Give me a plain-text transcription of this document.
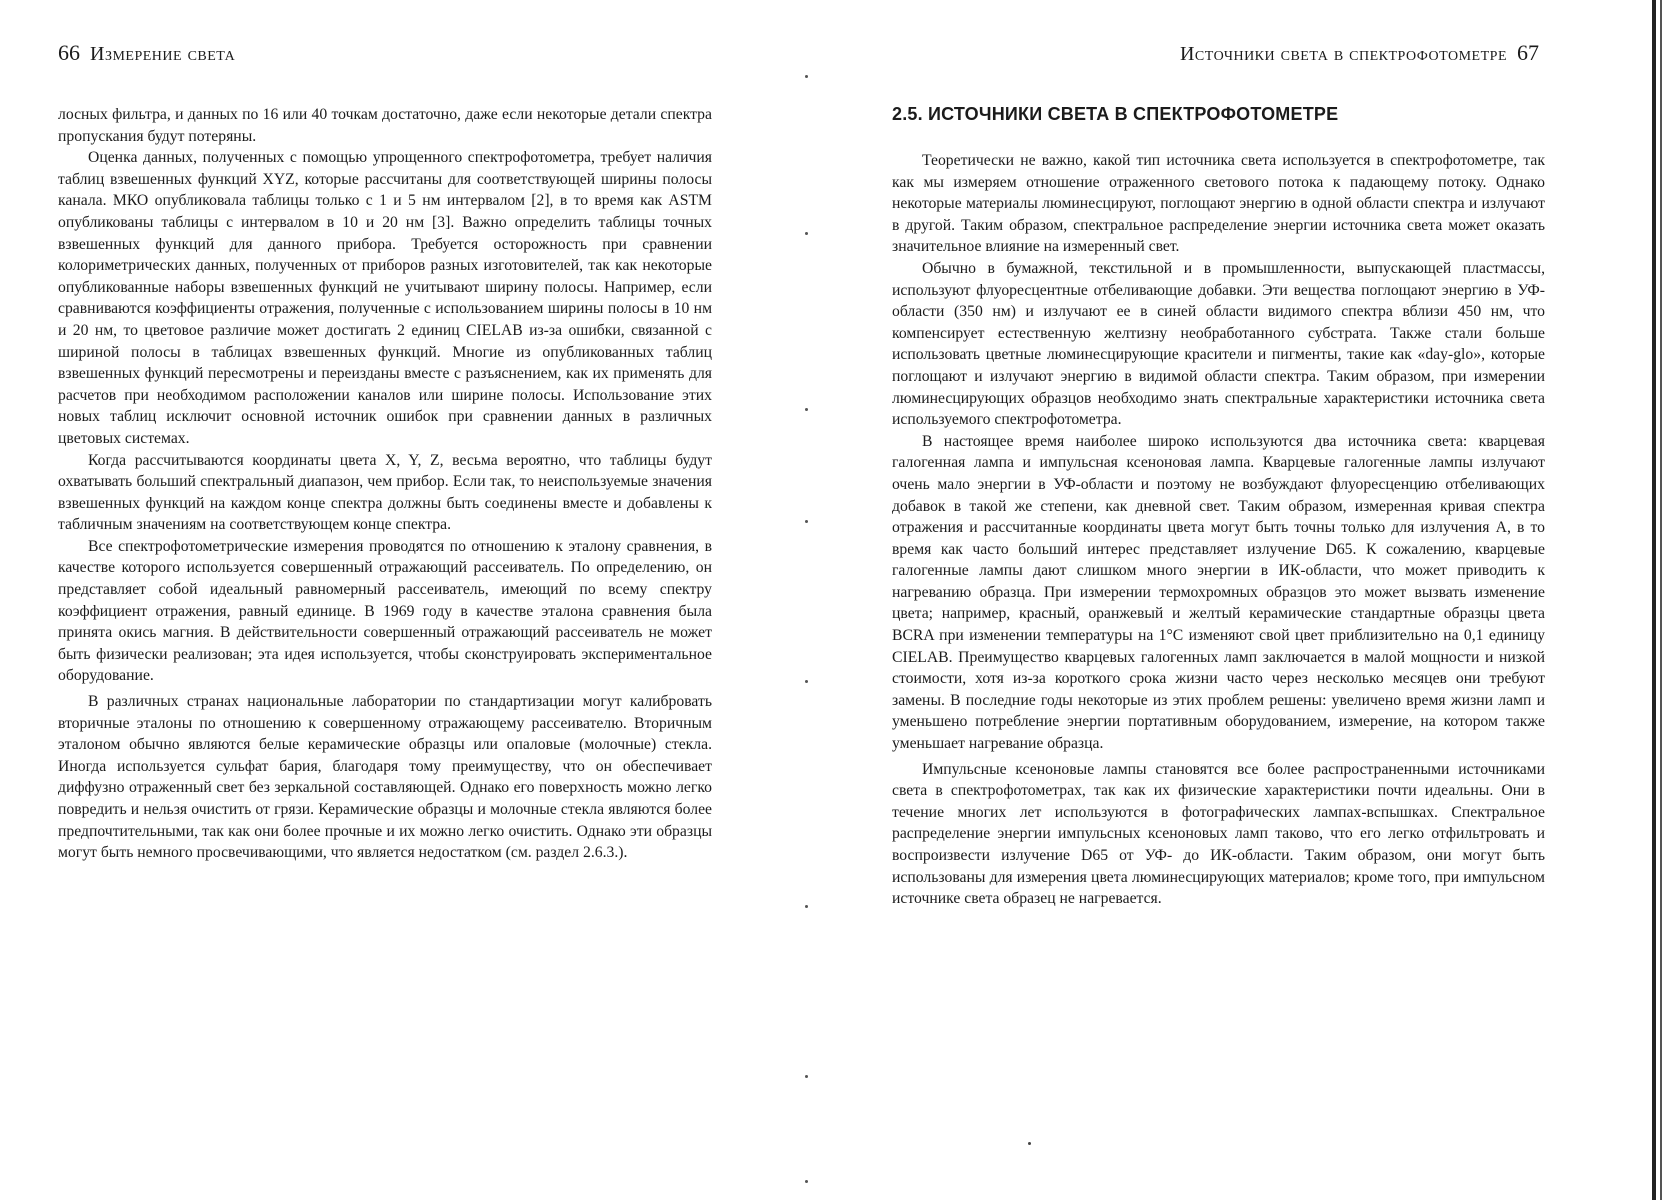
66 Измерение света

лосных фильтра, и данных по 16 или 40 точкам достаточно, даже если некоторые детали спектра пропускания будут потеряны.

Оценка данных, полученных с помощью упрощенного спектрофотометра, требует наличия таблиц взвешенных функций XYZ, которые рассчитаны для соответствующей ширины полосы канала. МКО опубликовала таблицы только с 1 и 5 нм интервалом [2], в то время как ASTM опубликованы таблицы с интервалом в 10 и 20 нм [3]. Важно определить таблицы точных взвешенных функций для данного прибора. Требуется осторожность при сравнении колориметрических данных, полученных от приборов разных изготовителей, так как некоторые опубликованные наборы взвешенных функций не учитывают ширину полосы. Например, если сравниваются коэффициенты отражения, полученные с использованием ширины полосы в 10 нм и 20 нм, то цветовое различие может достигать 2 единиц CIELAB из-за ошибки, связанной с шириной полосы в таблицах взвешенных функций. Многие из опубликованных таблиц взвешенных функций пересмотрены и переизданы вместе с разъяснением, как их применять для расчетов при необходимом расположении каналов или ширине полосы. Использование этих новых таблиц исключит основной источник ошибок при сравнении данных в различных цветовых системах.

Когда рассчитываются координаты цвета X, Y, Z, весьма вероятно, что таблицы будут охватывать больший спектральный диапазон, чем прибор. Если так, то неиспользуемые значения взвешенных функций на каждом конце спектра должны быть соединены вместе и добавлены к табличным значениям на соответствующем конце спектра.

Все спектрофотометрические измерения проводятся по отношению к эталону сравнения, в качестве которого используется совершенный отражающий рассеиватель. По определению, он представляет собой идеальный равномерный рассеиватель, имеющий по всему спектру коэффициент отражения, равный единице. В 1969 году в качестве эталона сравнения была принята окись магния. В действительности совершенный отражающий рассеиватель не может быть физически реализован; эта идея используется, чтобы сконструировать экспериментальное оборудование.

В различных странах национальные лаборатории по стандартизации могут калибровать вторичные эталоны по отношению к совершенному отражающему рассеивателю. Вторичным эталоном обычно являются белые керамические образцы или опаловые (молочные) стекла. Иногда используется сульфат бария, благодаря тому преимуществу, что он обеспечивает диффузно отраженный свет без зеркальной составляющей. Однако его поверхность можно легко повредить и нельзя очистить от грязи. Керамические образцы и молочные стекла являются более предпочтительными, так как они более прочные и их можно легко очистить. Однако эти образцы могут быть немного просвечивающими, что является недостатком (см. раздел 2.6.3.).

Источники света в спектрофотометре 67
2.5. ИСТОЧНИКИ СВЕТА В СПЕКТРОФОТОМЕТРЕ

Теоретически не важно, какой тип источника света используется в спектрофотометре, так как мы измеряем отношение отраженного светового потока к падающему потоку. Однако некоторые материалы люминесцируют, поглощают энергию в одной области спектра и излучают в другой. Таким образом, спектральное распределение энергии источника света может оказать значительное влияние на измеренный свет.

Обычно в бумажной, текстильной и в промышленности, выпускающей пластмассы, используют флуоресцентные отбеливающие добавки. Эти вещества поглощают энергию в УФ-области (350 нм) и излучают ее в синей области видимого спектра вблизи 450 нм, что компенсирует естественную желтизну необработанного субстрата. Также стали больше использовать цветные люминесцирующие красители и пигменты, такие как «day-glo», которые поглощают и излучают энергию в видимой области спектра. Таким образом, при измерении люминесцирующих образцов необходимо знать спектральные характеристики источника света используемого спектрофотометра.

В настоящее время наиболее широко используются два источника света: кварцевая галогенная лампа и импульсная ксеноновая лампа. Кварцевые галогенные лампы излучают очень мало энергии в УФ-области и поэтому не возбуждают флуоресценцию отбеливающих добавок в такой же степени, как дневной свет. Таким образом, измеренная кривая спектра отражения и рассчитанные координаты цвета могут быть точны только для излучения A, в то время как часто больший интерес представляет излучение D65. К сожалению, кварцевые галогенные лампы дают слишком много энергии в ИК-области, что может приводить к нагреванию образца. При измерении термохромных образцов это может вызвать изменение цвета; например, красный, оранжевый и желтый керамические стандартные образцы цвета BCRA при изменении температуры на 1°C изменяют свой цвет приблизительно на 0,1 единицу CIELAB. Преимущество кварцевых галогенных ламп заключается в малой мощности и низкой стоимости, хотя из-за короткого срока жизни часто через несколько месяцев они требуют замены. В последние годы некоторые из этих проблем решены: увеличено время жизни ламп и уменьшено потребление энергии портативным оборудованием, измерение, на котором также уменьшает нагревание образца.

Импульсные ксеноновые лампы становятся все более распространенными источниками света в спектрофотометрах, так как их физические характеристики почти идеальны. Они в течение многих лет используются в фотографических лампах-вспышках. Спектральное распределение энергии импульсных ксеноновых ламп таково, что его легко отфильтровать и воспроизвести излучение D65 от УФ- до ИК-области. Таким образом, они могут быть использованы для измерения цвета люминесцирующих материалов; кроме того, при импульсном источнике света образец не нагревается.
